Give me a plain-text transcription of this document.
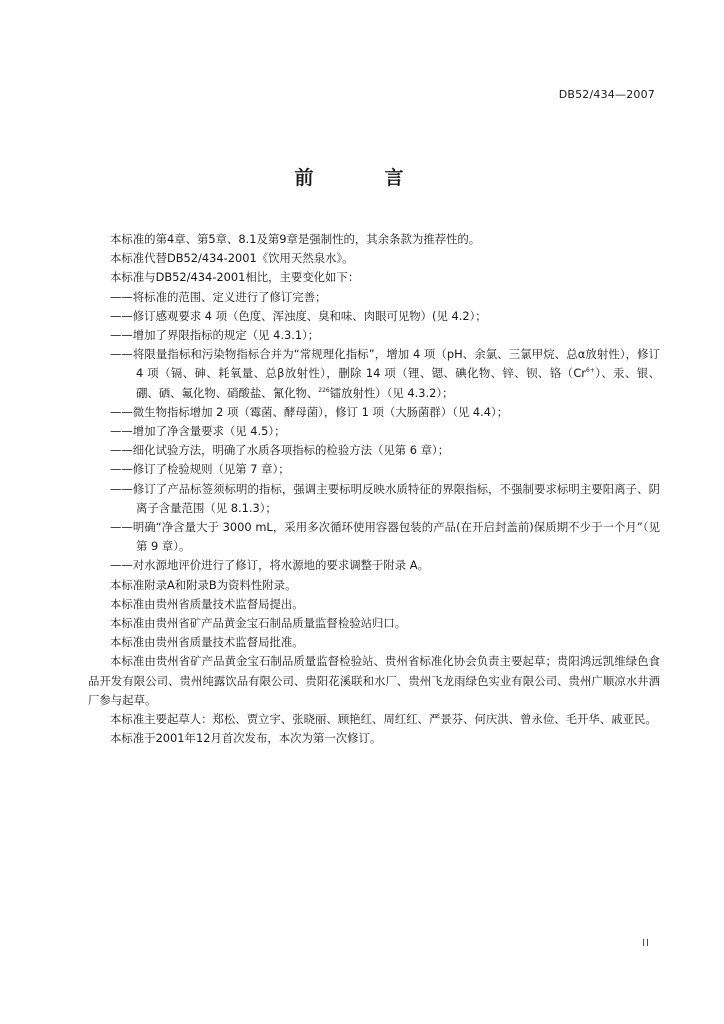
DB52/434—2007
前　言

本标准的第4章、第5章、8.1及第9章是强制性的，其余条款为推荐性的。

本标准代替DB52/434-2001《饮用天然泉水》。

本标准与DB52/434-2001相比，主要变化如下：

——将标准的范围、定义进行了修订完善；

——修订感观要求 4 项（色度、浑浊度、臭和味、肉眼可见物）(见 4.2）；

——增加了界限指标的规定（见 4.3.1）；

——将限量指标和污染物指标合并为“常规理化指标”，增加 4 项（pH、余氯、三氯甲烷、总α放射性），修订 4 项（镉、砷、耗氧量、总β放射性），删除 14 项（锂、锶、碘化物、锌、钡、铬$(Cr^{6+})$、汞、银、硼、硒、氟化物、硝酸盐、氰化物、$^{226}$镭放射性）（见 4.3.2）；

——微生物指标增加 2 项（霉菌、酵母菌），修订 1 项（大肠菌群）（见 4.4）；

——增加了净含量要求（见 4.5）；

——细化试验方法，明确了水质各项指标的检验方法（见第 6 章）；

——修订了检验规则（见第 7 章）；

——修订了产品标签须标明的指标，强调主要标明反映水质特征的界限指标，不强制要求标明主要阳离子、阴离子含量范围（见 8.1.3）；

——明确“净含量大于 3000 mL，采用多次循环使用容器包装的产品(在开启封盖前)保质期不少于一个月”（见第 9 章）。

——对水源地评价进行了修订，将水源地的要求调整于附录 A。

本标准附录A和附录B为资料性附录。

本标准由贵州省质量技术监督局提出。

本标准由贵州省矿产品黄金宝石制品质量监督检验站归口。

本标准由贵州省质量技术监督局批准。

本标准由贵州省矿产品黄金宝石制品质量监督检验站、贵州省标准化协会负责主要起草；贵阳鸿远凯维绿色食品开发有限公司、贵州纯露饮品有限公司、贵阳花溪联和水厂、贵州飞龙雨绿色实业有限公司、贵州广顺凉水井酒厂参与起草。

本标准主要起草人：郑松、贾立宇、张晓丽、顾艳红、周红红、严景芬、何庆洪、曾永俭、毛开华、戚亚民。

本标准于2001年12月首次发布，本次为第一次修订。

II
